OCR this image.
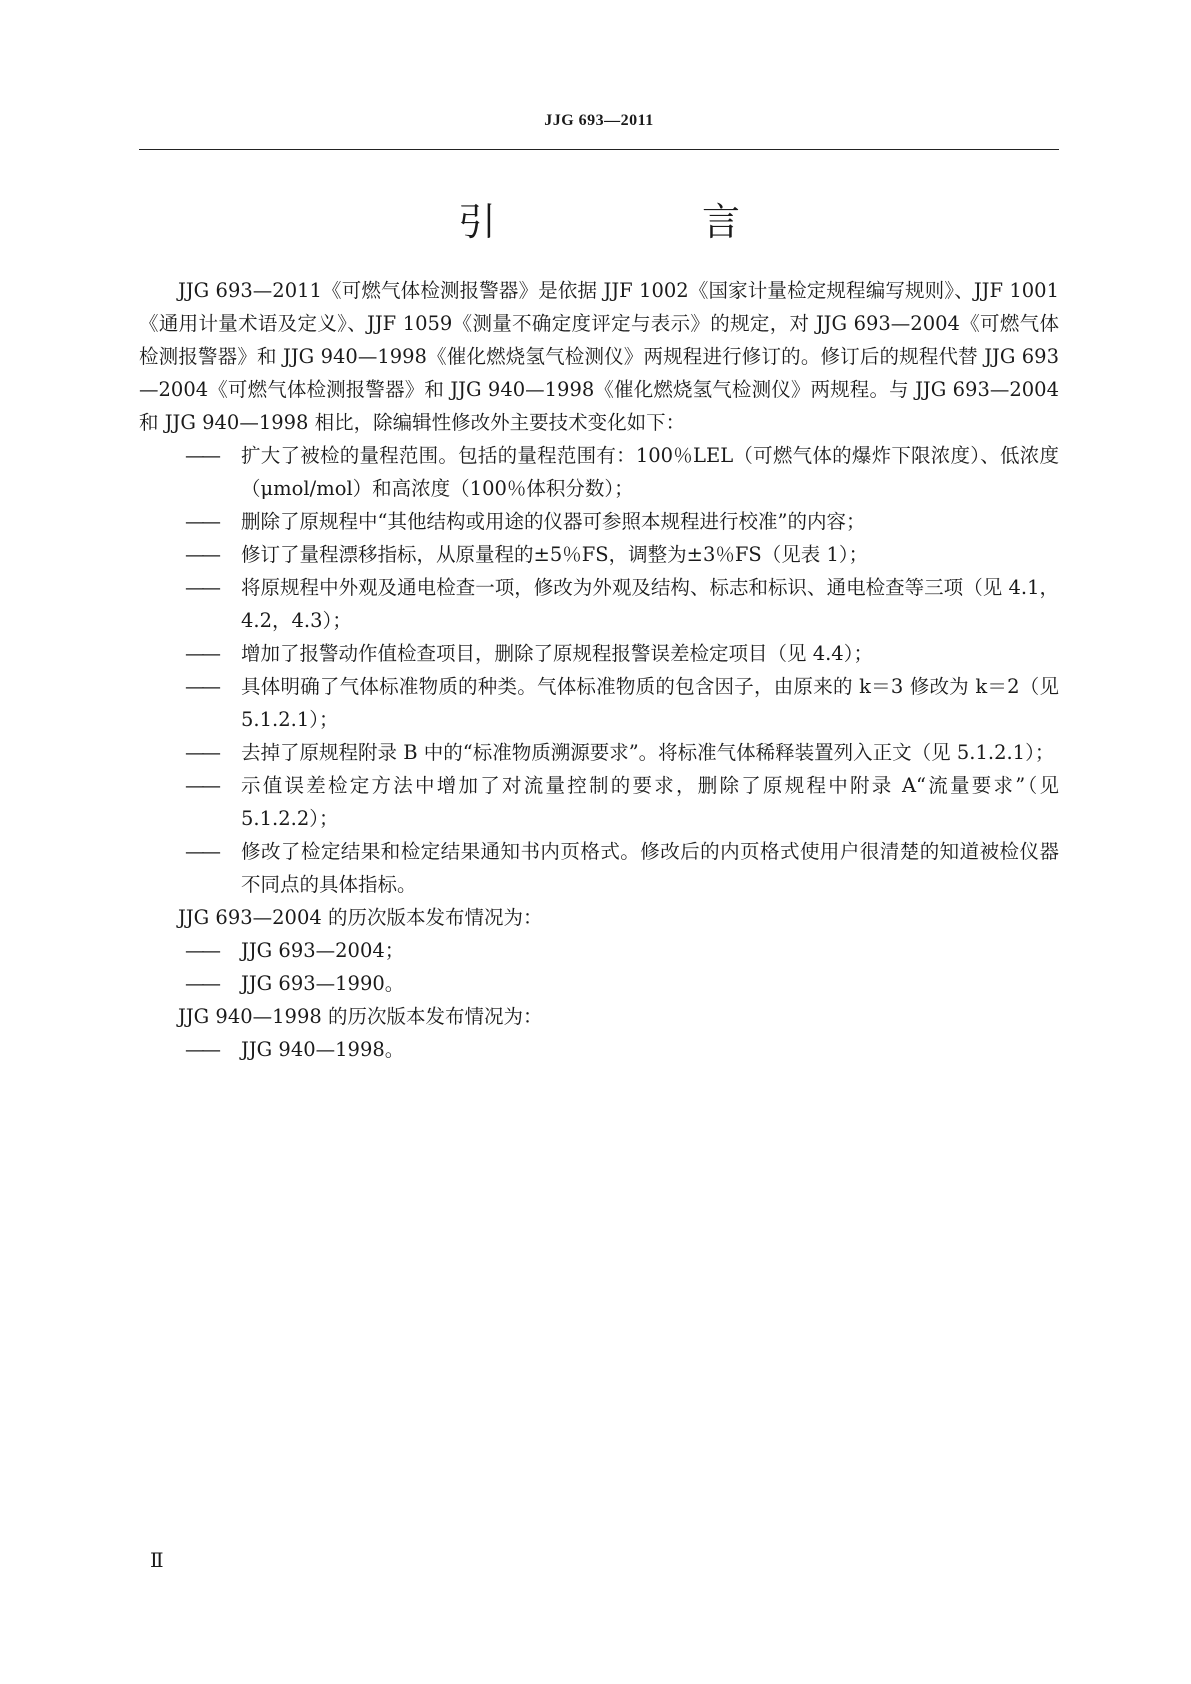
JJG 693—2011
引　言

JJG 693—2011《可燃气体检测报警器》是依据 JJF 1002《国家计量检定规程编写规则》、JJF 1001《通用计量术语及定义》、JJF 1059《测量不确定度评定与表示》的规定，对 JJG 693—2004《可燃气体检测报警器》和 JJG 940—1998《催化燃烧氢气检测仪》两规程进行修订的。修订后的规程代替 JJG 693—2004《可燃气体检测报警器》和 JJG 940—1998《催化燃烧氢气检测仪》两规程。与 JJG 693—2004 和 JJG 940—1998 相比，除编辑性修改外主要技术变化如下：

——	扩大了被检的量程范围。包括的量程范围有：100％LEL（可燃气体的爆炸下限浓度）、低浓度（μmol/mol）和高浓度（100％体积分数）；
——	删除了原规程中“其他结构或用途的仪器可参照本规程进行校准”的内容；
——	修订了量程漂移指标，从原量程的±5％FS，调整为±3％FS（见表 1）；
——	将原规程中外观及通电检查一项，修改为外观及结构、标志和标识、通电检查等三项（见 4.1，4.2，4.3）；
——	增加了报警动作值检查项目，删除了原规程报警误差检定项目（见 4.4）；
——	具体明确了气体标准物质的种类。气体标准物质的包含因子，由原来的 k＝3 修改为 k＝2（见 5.1.2.1）；
——	去掉了原规程附录 B 中的“标准物质溯源要求”。将标准气体稀释装置列入正文（见 5.1.2.1）；
——	示值误差检定方法中增加了对流量控制的要求，删除了原规程中附录 A“流量要求”（见 5.1.2.2）；
——	修改了检定结果和检定结果通知书内页格式。修改后的内页格式使用户很清楚的知道被检仪器不同点的具体指标。

JJG 693—2004 的历次版本发布情况为：

——	JJG 693—2004；
——	JJG 693—1990。

JJG 940—1998 的历次版本发布情况为：

——	JJG 940—1998。
Ⅱ
